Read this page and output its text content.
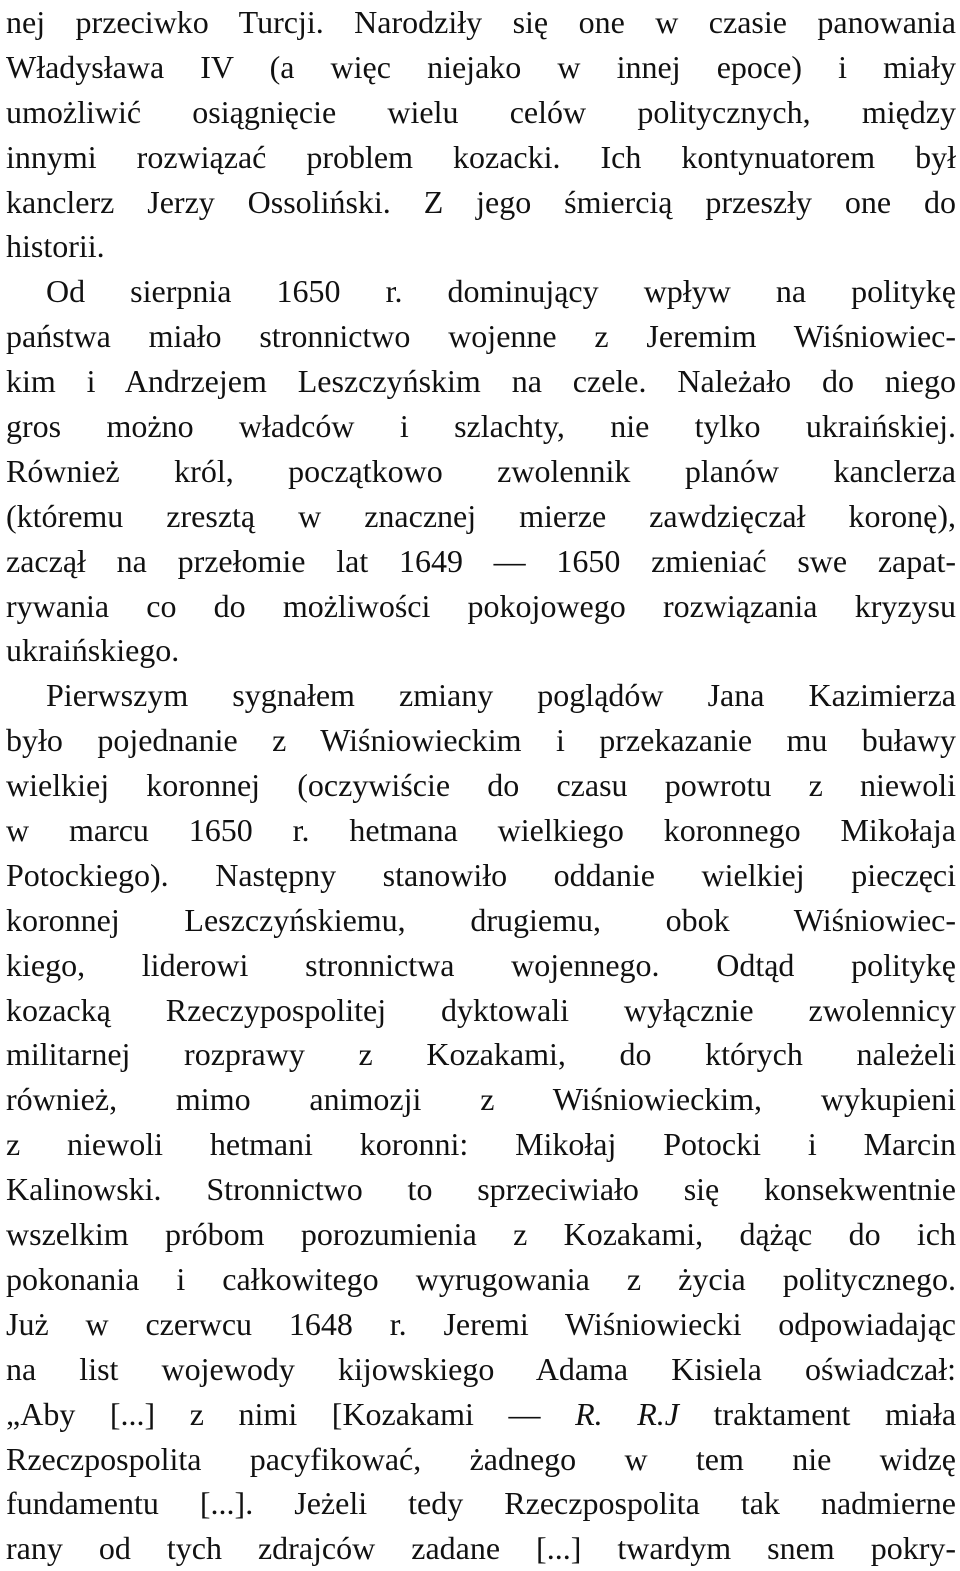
nej przeciwko Turcji. Narodziły się one w czasie panowania
Władysława IV (a więc niejako w innej epoce) i miały
umożliwić osiągnięcie wielu celów politycznych, między
innymi rozwiązać problem kozacki. Ich kontynuatorem był
kanclerz Jerzy Ossoliński. Z jego śmiercią przeszły one do
historii.
Od sierpnia 1650 r. dominujący wpływ na politykę
państwa miało stronnictwo wojenne z Jeremim Wiśniowiec-
kim i Andrzejem Leszczyńskim na czele. Należało do niego
gros możno władców i szlachty, nie tylko ukraińskiej.
Również król, początkowo zwolennik planów kanclerza
(któremu zresztą w znacznej mierze zawdzięczał koronę),
zaczął na przełomie lat 1649 — 1650 zmieniać swe zapat-
rywania co do możliwości pokojowego rozwiązania kryzysu
ukraińskiego.
Pierwszym sygnałem zmiany poglądów Jana Kazimierza
było pojednanie z Wiśniowieckim i przekazanie mu buławy
wielkiej koronnej (oczywiście do czasu powrotu z niewoli
w marcu 1650 r. hetmana wielkiego koronnego Mikołaja
Potockiego). Następny stanowiło oddanie wielkiej pieczęci
koronnej Leszczyńskiemu, drugiemu, obok Wiśniowiec-
kiego, liderowi stronnictwa wojennego. Odtąd politykę
kozacką Rzeczypospolitej dyktowali wyłącznie zwolennicy
militarnej rozprawy z Kozakami, do których należeli
również, mimo animozji z Wiśniowieckim, wykupieni
z niewoli hetmani koronni: Mikołaj Potocki i Marcin
Kalinowski. Stronnictwo to sprzeciwiało się konsekwentnie
wszelkim próbom porozumienia z Kozakami, dążąc do ich
pokonania i całkowitego wyrugowania z życia politycznego.
Już w czerwcu 1648 r. Jeremi Wiśniowiecki odpowiadając
na list wojewody kijowskiego Adama Kisiela oświadczał:
„Aby [...] z nimi [Kozakami — R. R.J traktament miała
Rzeczpospolita pacyfikować, żadnego w tem nie widzę
fundamentu [...]. Jeżeli tedy Rzeczpospolita tak nadmierne
rany od tych zdrajców zadane [...] twardym snem pokry-
